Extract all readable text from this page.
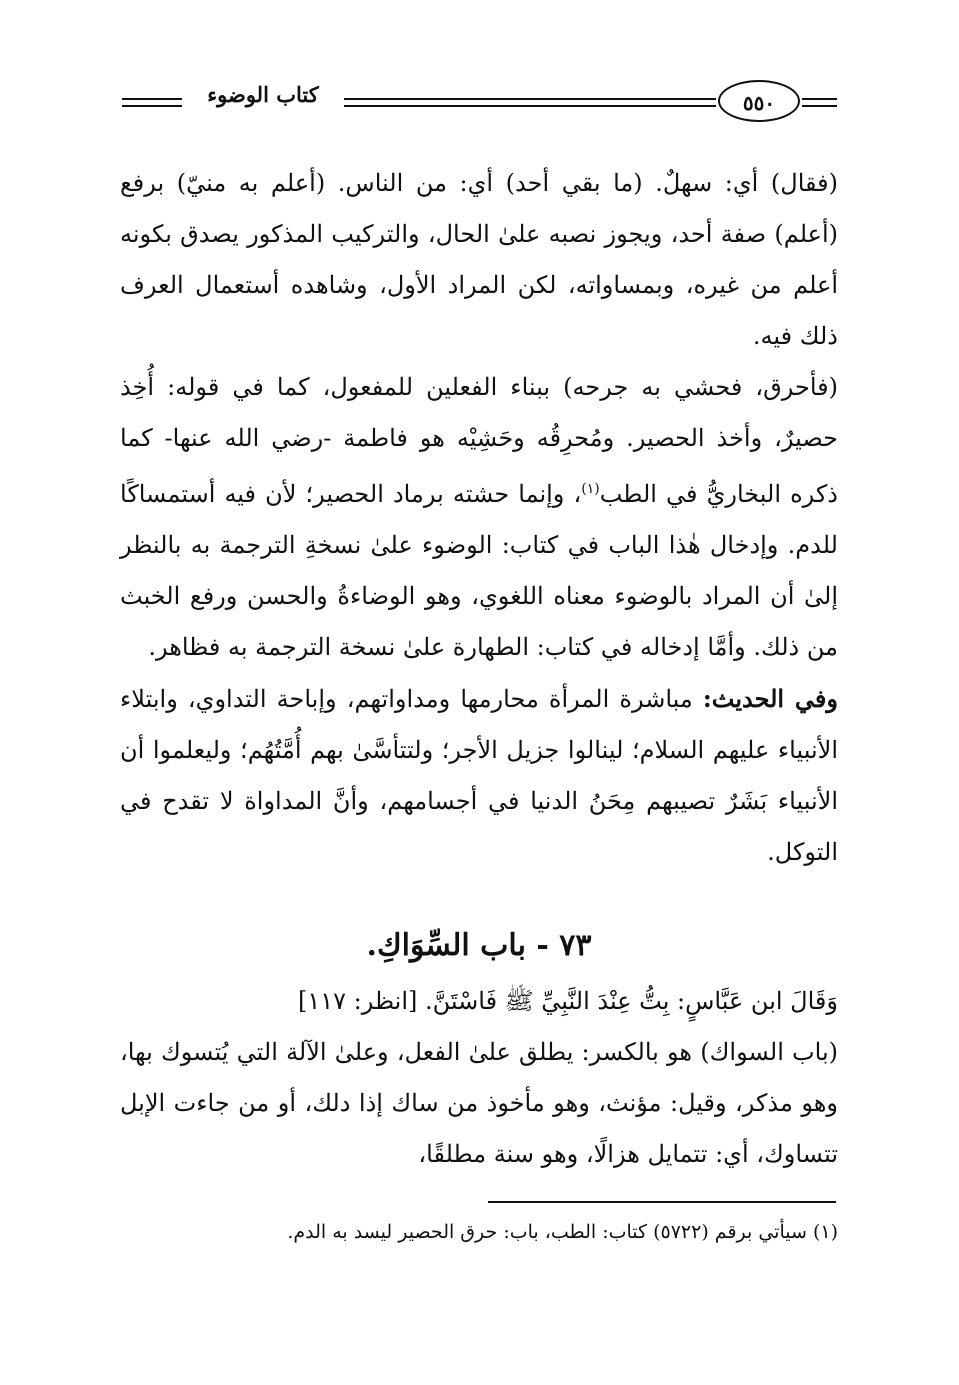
كتاب الوضوء	٥٥٠

(فقال) أي: سهلٌ. (ما بقي أحد) أي: من الناس. (أعلم به منيّ) برفع (أعلم) صفة أحد، ويجوز نصبه علىٰ الحال، والتركيب المذكور يصدق بكونه أعلم من غيره، وبمساواته، لكن المراد الأول، وشاهده أستعمال العرف ذلك فيه.

(فأحرق، فحشي به جرحه) ببناء الفعلين للمفعول، كما في قوله: أُخِذ حصيرٌ، وأخذ الحصير. ومُحرِقُه وحَشِيْه هو فاطمة -رضي الله عنها- كما ذكره البخاريُّ في الطب$^{(١)}$، وإنما حشته برماد الحصير؛ لأن فيه أستمساكًا للدم. وإدخال هٰذا الباب في كتاب: الوضوء علىٰ نسخةِ الترجمة به بالنظر إلىٰ أن المراد بالوضوء معناه اللغوي، وهو الوضاءةُ والحسن ورفع الخبث من ذلك. وأمَّا إدخاله في كتاب: الطهارة علىٰ نسخة الترجمة به فظاهر.

وفي الحديث: مباشرة المرأة محارمها ومداواتهم، وإباحة التداوي، وابتلاء الأنبياء عليهم السلام؛ لينالوا جزيل الأجر؛ ولتتأسَّىٰ بهم أُمَّتُهُم؛ وليعلموا أن الأنبياء بَشَرٌ تصيبهم مِحَنُ الدنيا في أجسامهم، وأنَّ المداواة لا تقدح في التوكل.

٧٣ - باب السِّوَاكِ.

وَقَالَ ابن عَبَّاسٍ: بِتُّ عِنْدَ النَّبِيِّ ﷺ فَاسْتَنَّ. [انظر: ١١٧]

(باب السواك) هو بالكسر: يطلق علىٰ الفعل، وعلىٰ الآلة التي يُتسوك بها، وهو مذكر، وقيل: مؤنث، وهو مأخوذ من ساك إذا دلك، أو من جاءت الإبل تتساوك، أي: تتمايل هزالًا، وهو سنة مطلقًا،

(١) سيأتي برقم (٥٧٢٢) كتاب: الطب، باب: حرق الحصير ليسد به الدم.
